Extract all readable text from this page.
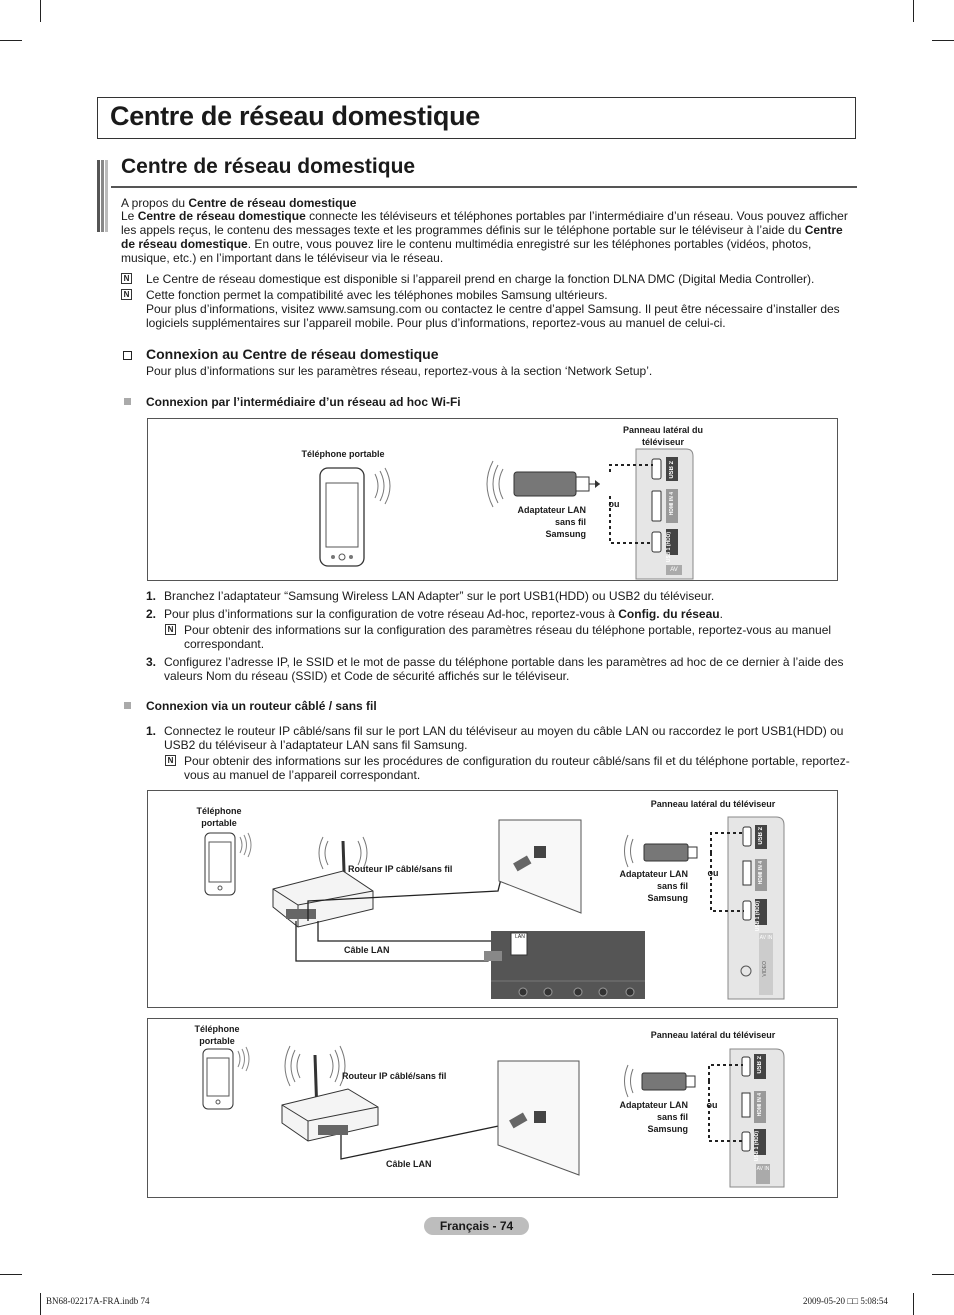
Centre de réseau domestique
Centre de réseau domestique
A propos du Centre de réseau domestique
Le Centre de réseau domestique connecte les téléviseurs et téléphones portables par l’intermédiaire d’un réseau. Vous pouvez afficher les appels reçus, le contenu des messages texte et les programmes définis sur le téléphone portable sur le téléviseur à l’aide du Centre de réseau domestique. En outre, vous pouvez lire le contenu multimédia enregistré sur les téléphones portables (vidéos, photos, musique, etc.) en l’important dans le téléviseur via le réseau.
N Le Centre de réseau domestique est disponible si l’appareil prend en charge la fonction DLNA DMC (Digital Media Controller).
N Cette fonction permet la compatibilité avec les téléphones mobiles Samsung ultérieurs.
Pour plus d’informations, visitez www.samsung.com ou contactez le centre d’appel Samsung. Il peut être nécessaire d’installer des logiciels supplémentaires sur l’appareil mobile. Pour plus d’informations, reportez-vous au manuel de celui-ci.
Connexion au Centre de réseau domestique
Pour plus d’informations sur les paramètres réseau, reportez-vous à la section ‘Network Setup’.
Connexion par l’intermédiaire d’un réseau ad hoc Wi-Fi
Téléphone portable
Panneau latéral du téléviseur
Adaptateur LAN sans fil Samsung
ou
USB 2
HDMI IN 4
USB 1 (HDD)
AV
1. Branchez l’adaptateur “Samsung Wireless LAN Adapter” sur le port USB1(HDD) ou USB2 du téléviseur.
2. Pour plus d’informations sur la configuration de votre réseau Ad-hoc, reportez-vous à Config. du réseau.
N Pour obtenir des informations sur la configuration des paramètres réseau du téléphone portable, reportez-vous au manuel correspondant.
3. Configurez l’adresse IP, le SSID et le mot de passe du téléphone portable dans les paramètres ad hoc de ce dernier à l’aide des valeurs Nom du réseau (SSID) et Code de sécurité affichés sur le téléviseur.
Connexion via un routeur câblé / sans fil
1. Connectez le routeur IP câblé/sans fil sur le port LAN du téléviseur au moyen du câble LAN ou raccordez le port USB1(HDD) ou USB2 du téléviseur à l’adaptateur LAN sans fil Samsung.
N Pour obtenir des informations sur les procédures de configuration du routeur câblé/sans fil et du téléphone portable, reportez-vous au manuel de l’appareil correspondant.
Téléphone portable
Routeur IP câblé/sans fil
Câble LAN
LAN
Panneau latéral du téléviseur
Adaptateur LAN sans fil Samsung
ou
USB 2
HDMI IN 4
USB 1 (HDD)
AV IN
VIDEO
Téléphone portable
Routeur IP câblé/sans fil
Câble LAN
Panneau latéral du téléviseur
Adaptateur LAN sans fil Samsung
ou
USB 2
HDMI IN 4
USB 1 (HDD)
AV IN
Français - 74
BN68-02217A-FRA.indb 74	2009-05-20 □□ 5:08:54
